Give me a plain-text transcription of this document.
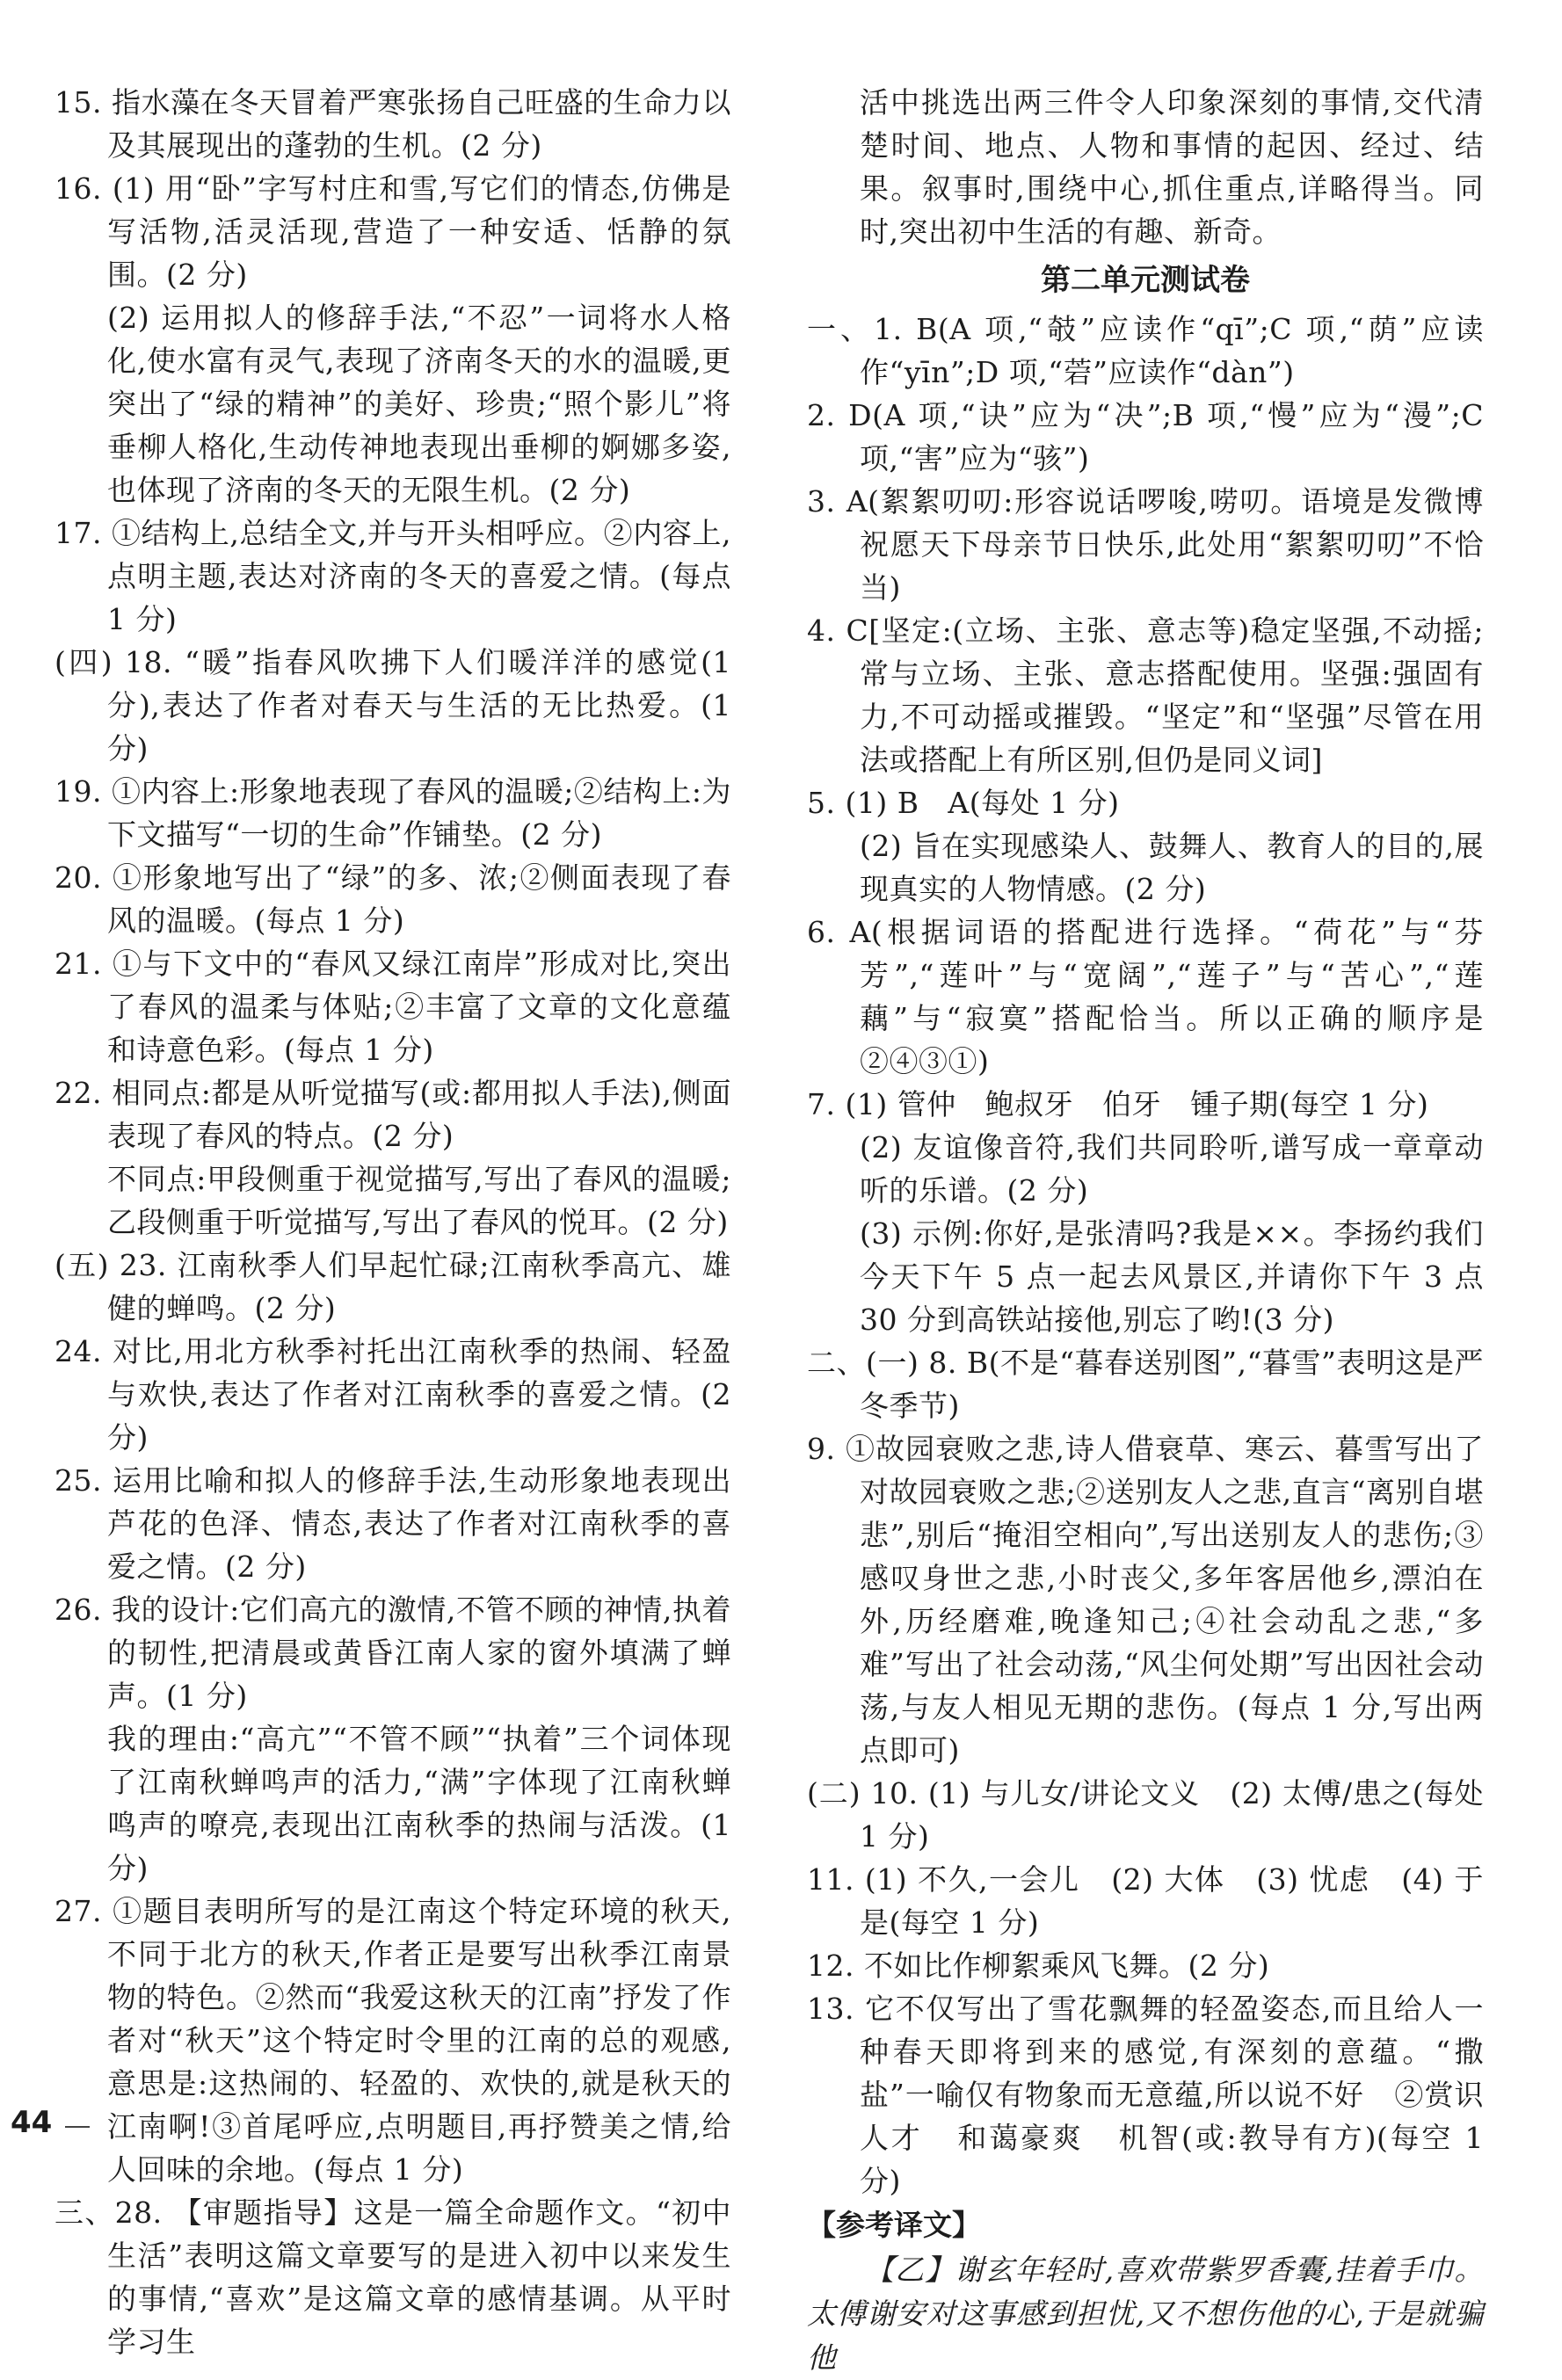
15. 指水藻在冬天冒着严寒张扬自己旺盛的生命力以及其展现出的蓬勃的生机。(2 分)
16. (1) 用“卧”字写村庄和雪,写它们的情态,仿佛是写活物,活灵活现,营造了一种安适、恬静的氛围。(2 分)
(2) 运用拟人的修辞手法,“不忍”一词将水人格化,使水富有灵气,表现了济南冬天的水的温暖,更突出了“绿的精神”的美好、珍贵;“照个影儿”将垂柳人格化,生动传神地表现出垂柳的婀娜多姿,也体现了济南的冬天的无限生机。(2 分)
17. ①结构上,总结全文,并与开头相呼应。②内容上,点明主题,表达对济南的冬天的喜爱之情。(每点 1 分)
(四) 18. “暖”指春风吹拂下人们暖洋洋的感觉(1 分),表达了作者对春天与生活的无比热爱。(1 分)
19. ①内容上:形象地表现了春风的温暖;②结构上:为下文描写“一切的生命”作铺垫。(2 分)
20. ①形象地写出了“绿”的多、浓;②侧面表现了春风的温暖。(每点 1 分)
21. ①与下文中的“春风又绿江南岸”形成对比,突出了春风的温柔与体贴;②丰富了文章的文化意蕴和诗意色彩。(每点 1 分)
22. 相同点:都是从听觉描写(或:都用拟人手法),侧面表现了春风的特点。(2 分)
不同点:甲段侧重于视觉描写,写出了春风的温暖;乙段侧重于听觉描写,写出了春风的悦耳。(2 分)
(五) 23. 江南秋季人们早起忙碌;江南秋季高亢、雄健的蝉鸣。(2 分)
24. 对比,用北方秋季衬托出江南秋季的热闹、轻盈与欢快,表达了作者对江南秋季的喜爱之情。(2 分)
25. 运用比喻和拟人的修辞手法,生动形象地表现出芦花的色泽、情态,表达了作者对江南秋季的喜爱之情。(2 分)
26. 我的设计:它们高亢的激情,不管不顾的神情,执着的韧性,把清晨或黄昏江南人家的窗外填满了蝉声。(1 分)
我的理由:“高亢”“不管不顾”“执着”三个词体现了江南秋蝉鸣声的活力,“满”字体现了江南秋蝉鸣声的嘹亮,表现出江南秋季的热闹与活泼。(1 分)
27. ①题目表明所写的是江南这个特定环境的秋天,不同于北方的秋天,作者正是要写出秋季江南景物的特色。②然而“我爱这秋天的江南”抒发了作者对“秋天”这个特定时令里的江南的总的观感,意思是:这热闹的、轻盈的、欢快的,就是秋天的江南啊!③首尾呼应,点明题目,再抒赞美之情,给人回味的余地。(每点 1 分)
三、28. 【审题指导】这是一篇全命题作文。“初中生活”表明这篇文章要写的是进入初中以来发生的事情,“喜欢”是这篇文章的感情基调。从平时学习生
活中挑选出两三件令人印象深刻的事情,交代清楚时间、地点、人物和事情的起因、经过、结果。叙事时,围绕中心,抓住重点,详略得当。同时,突出初中生活的有趣、新奇。
第二单元测试卷
一、1. B(A 项,“攲”应读作“qī”;C 项,“荫”应读作“yīn”;D 项,“菪”应读作“dàn”)
2. D(A 项,“诀”应为“决”;B 项,“慢”应为“漫”;C 项,“害”应为“骇”)
3. A(絮絮叨叨:形容说话啰唆,唠叨。语境是发微博祝愿天下母亲节日快乐,此处用“絮絮叨叨”不恰当)
4. C[坚定:(立场、主张、意志等)稳定坚强,不动摇;常与立场、主张、意志搭配使用。坚强:强固有力,不可动摇或摧毁。“坚定”和“坚强”尽管在用法或搭配上有所区别,但仍是同义词]
5. (1) B   A(每处 1 分)
(2) 旨在实现感染人、鼓舞人、教育人的目的,展现真实的人物情感。(2 分)
6. A(根据词语的搭配进行选择。“荷花”与“芬芳”,“莲叶”与“宽阔”,“莲子”与“苦心”,“莲藕”与“寂寞”搭配恰当。所以正确的顺序是②④③①)
7. (1) 管仲   鲍叔牙   伯牙   锺子期(每空 1 分)
(2) 友谊像音符,我们共同聆听,谱写成一章章动听的乐谱。(2 分)
(3) 示例:你好,是张清吗?我是××。李扬约我们今天下午 5 点一起去风景区,并请你下午 3 点 30 分到高铁站接他,别忘了哟!(3 分)
二、(一) 8. B(不是“暮春送别图”,“暮雪”表明这是严冬季节)
9. ①故园衰败之悲,诗人借衰草、寒云、暮雪写出了对故园衰败之悲;②送别友人之悲,直言“离别自堪悲”,别后“掩泪空相向”,写出送别友人的悲伤;③感叹身世之悲,小时丧父,多年客居他乡,漂泊在外,历经磨难,晚逢知己;④社会动乱之悲,“多难”写出了社会动荡,“风尘何处期”写出因社会动荡,与友人相见无期的悲伤。(每点 1 分,写出两点即可)
(二) 10. (1) 与儿女/讲论文义   (2) 太傅/患之(每处 1 分)
11. (1) 不久,一会儿   (2) 大体   (3) 忧虑   (4) 于是(每空 1 分)
12. 不如比作柳絮乘风飞舞。(2 分)
13. 它不仅写出了雪花飘舞的轻盈姿态,而且给人一种春天即将到来的感觉,有深刻的意蕴。“撒盐”一喻仅有物象而无意蕴,所以说不好   ②赏识人才   和蔼豪爽   机智(或:教导有方)(每空 1 分)
【参考译文】
【乙】谢玄年轻时,喜欢带紫罗香囊,挂着手巾。太傅谢安对这事感到担忧,又不想伤他的心,于是就骗他
44
